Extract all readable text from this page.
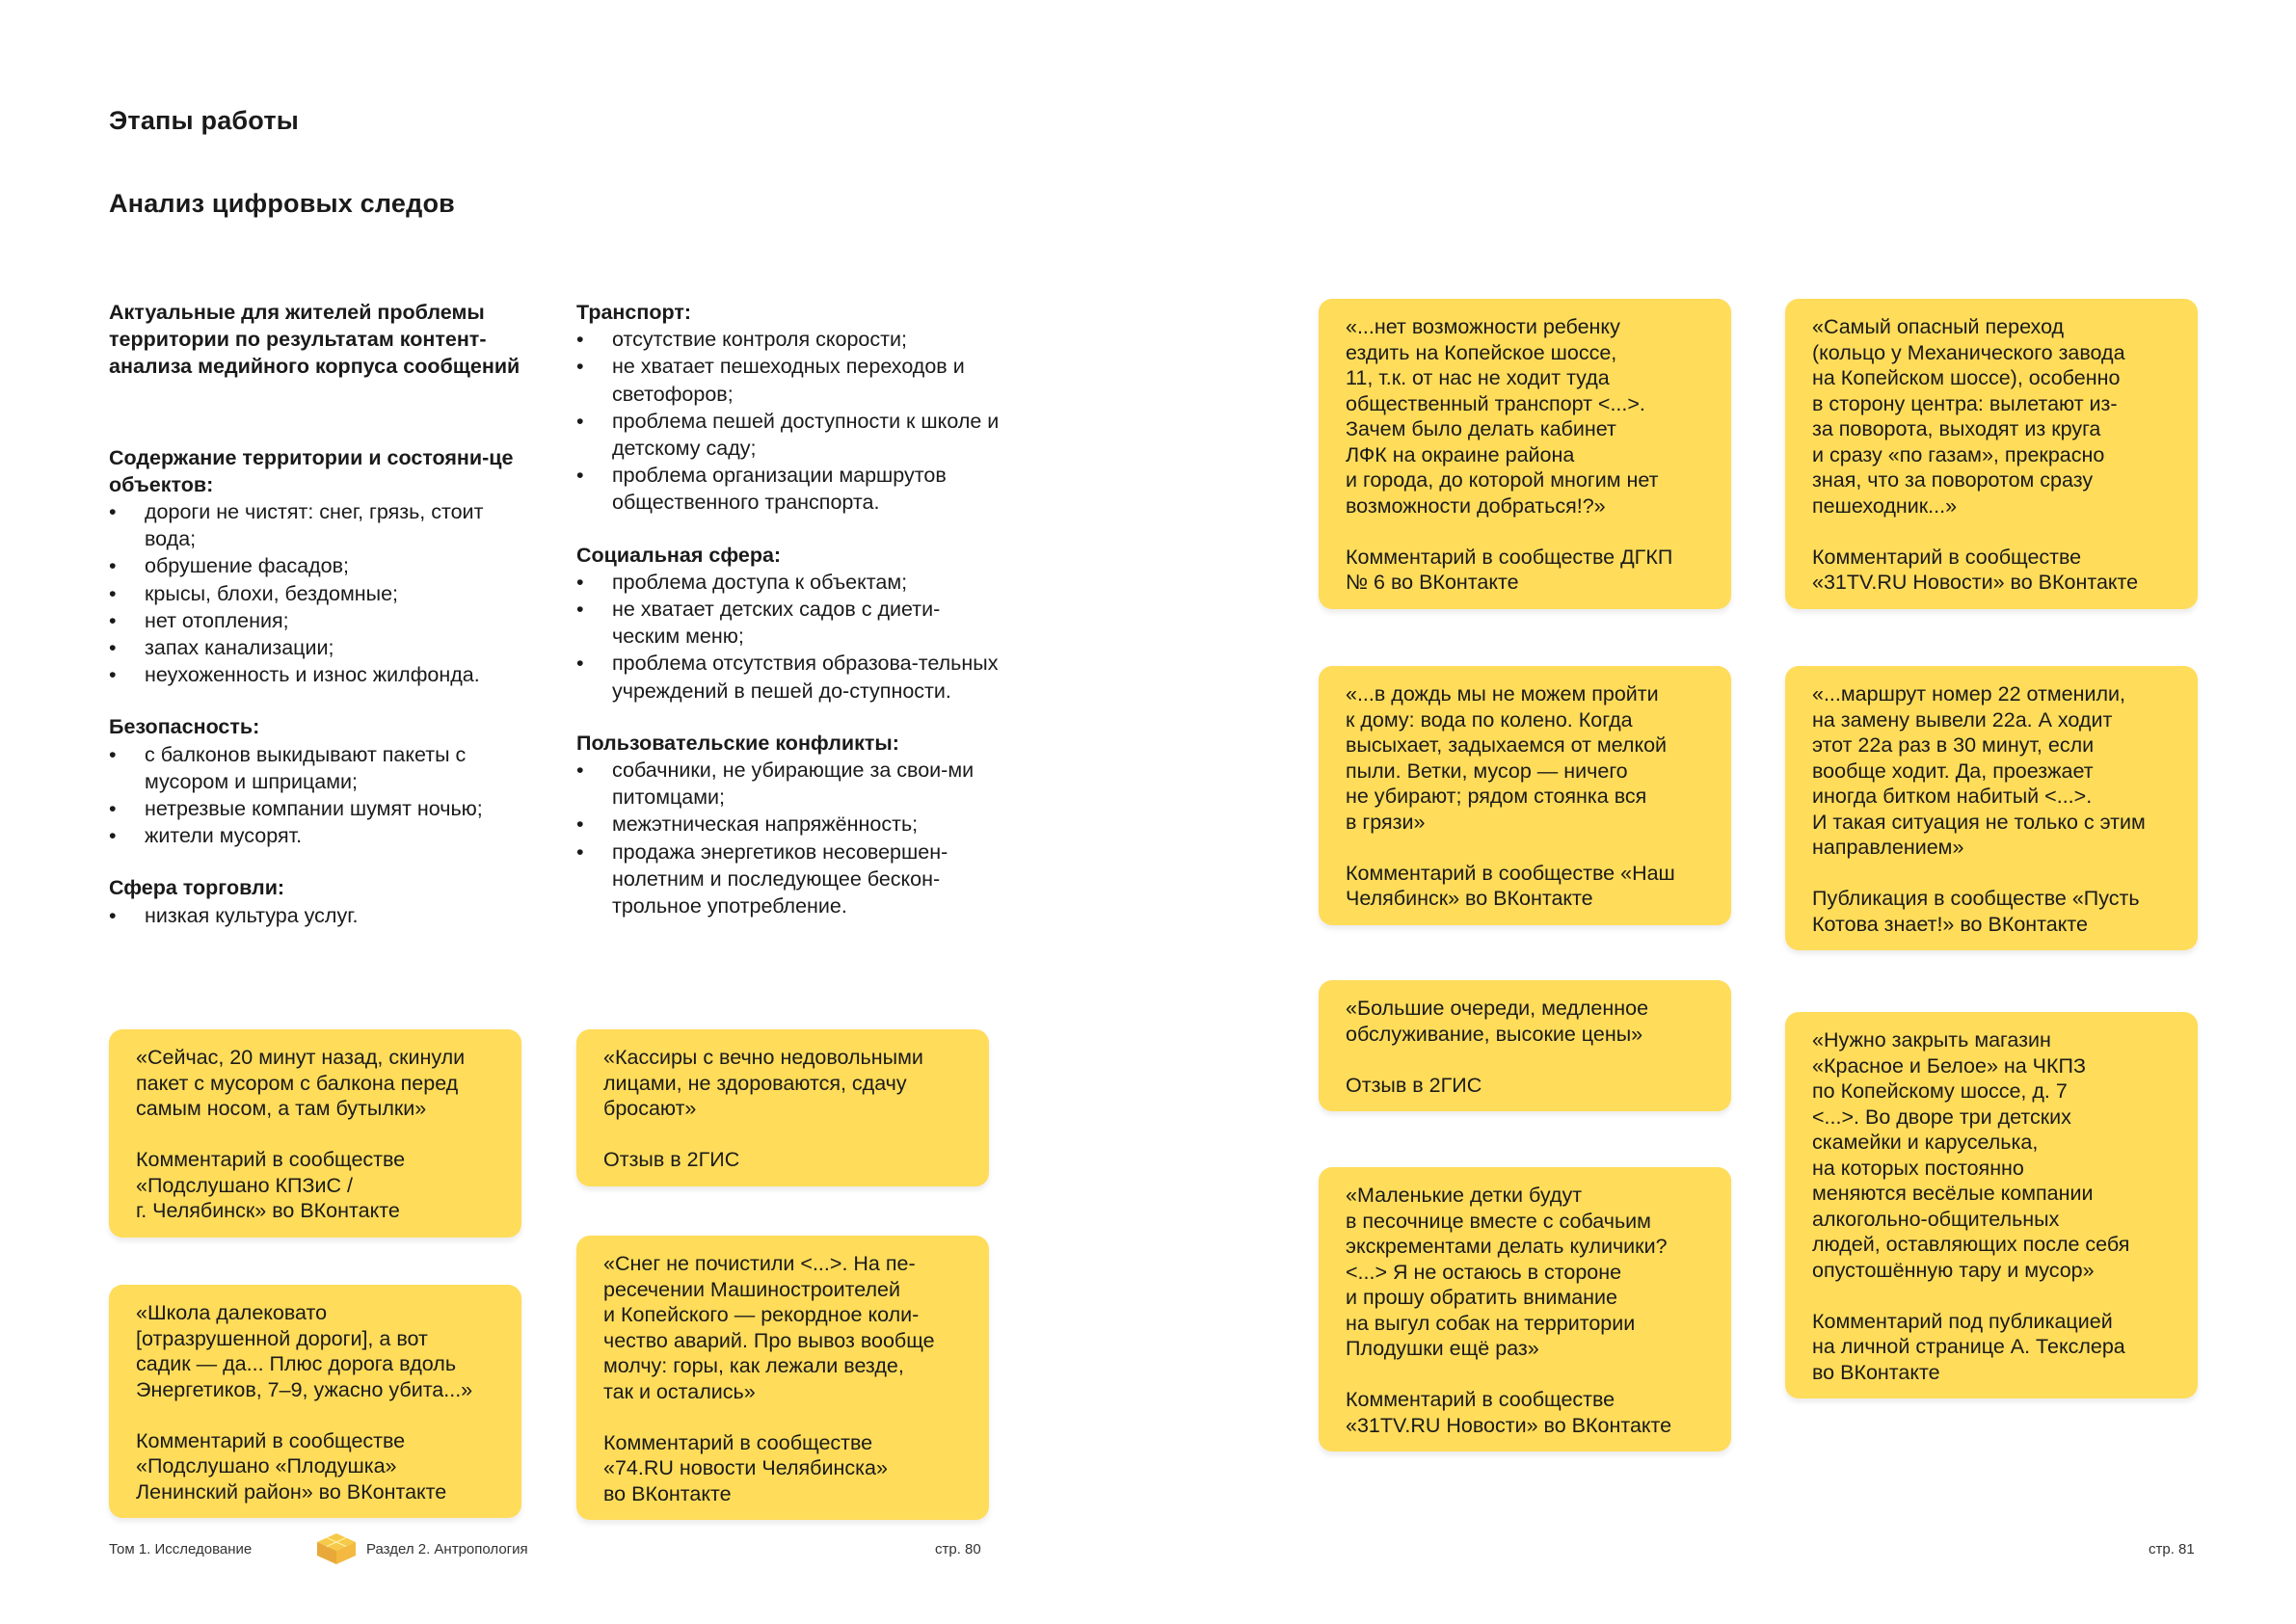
Этапы работы
Анализ цифровых следов
Актуальные для жителей проблемы территории по результатам контент-анализа медийного корпуса сообщений
Содержание территории и состояни-це объектов:
• дороги не чистят: снег, грязь, стоит вода;
• обрушение фасадов;
• крысы, блохи, бездомные;
• нет отопления;
• запах канализации;
• неухоженность и износ жилфонда.
Безопасность:
• с балконов выкидывают пакеты с мусором и шприцами;
• нетрезвые компании шумят ночью;
• жители мусорят.
Сфера торговли:
• низкая культура услуг.
Транспорт:
• отсутствие контроля скорости;
• не хватает пешеходных переходов и светофоров;
• проблема пешей доступности к школе и детскому саду;
• проблема организации маршрутов общественного транспорта.
Социальная сфера:
• проблема доступа к объектам;
• не хватает детских садов с диети-ческим меню;
• проблема отсутствия образова-тельных учреждений в пешей до-ступности.
Пользовательские конфликты:
• собачники, не убирающие за свои-ми питомцами;
• межэтническая напряжённость;
• продажа энергетиков несовершен-нолетним и последующее бескон-трольное употребление.
«Сейчас, 20 минут назад, скинули
пакет с мусором с балкона перед
самым носом, а там бутылки»
Комментарий в сообществе
«Подслушано КПЗиС /
г. Челябинск» во ВКонтакте
«Школа далековато
[отразрушенной дороги], а вот
садик — да... Плюс дорога вдоль
Энергетиков, 7–9, ужасно убита...»
Комментарий в сообществе
«Подслушано «Плодушка»
Ленинский район» во ВКонтакте
«Кассиры с вечно недовольными
лицами, не здороваются, сдачу
бросают»
Отзыв в 2ГИС
«Снег не почистили <...>. На пе-
ресечении Машиностроителей
и Копейского — рекордное коли-
чество аварий. Про вывоз вообще
молчу: горы, как лежали везде,
так и остались»
Комментарий в сообществе
«74.RU новости Челябинска»
во ВКонтакте
«...нет возможности ребенку
ездить на Копейское шоссе,
11, т.к. от нас не ходит туда
общественный транспорт <...>.
Зачем было делать кабинет
ЛФК на окраине района
и города, до которой многим нет
возможности добраться!?»
Комментарий в сообществе ДГКП
№ 6 во ВКонтакте
«...в дождь мы не можем пройти
к дому: вода по колено. Когда
высыхает, задыхаемся от мелкой
пыли. Ветки, мусор — ничего
не убирают; рядом стоянка вся
в грязи»
Комментарий в сообществе «Наш
Челябинск» во ВКонтакте
«Большие очереди, медленное
обслуживание, высокие цены»
Отзыв в 2ГИС
«Маленькие детки будут
в песочнице вместе с собачьим
экскрементами делать куличики?
<...> Я не остаюсь в стороне
и прошу обратить внимание
на выгул собак на территории
Плодушки ещё раз»
Комментарий в сообществе
«31TV.RU Новости» во ВКонтакте
«Самый опасный переход
(кольцо у Механического завода
на Копейском шоссе), особенно
в сторону центра: вылетают из-
за поворота, выходят из круга
и сразу «по газам», прекрасно
зная, что за поворотом сразу
пешеходник...»
Комментарий в сообществе
«31TV.RU Новости» во ВКонтакте
«...маршрут номер 22 отменили,
на замену вывели 22а. А ходит
этот 22а раз в 30 минут, если
вообще ходит. Да, проезжает
иногда битком набитый <...>.
И такая ситуация не только с этим
направлением»
Публикация в сообществе «Пусть
Котова знает!» во ВКонтакте
«Нужно закрыть магазин
«Красное и Белое» на ЧКПЗ
по Копейскому шоссе, д. 7
<...>. Во дворе три детских
скамейки и каруселька,
на которых постоянно
меняются весёлые компании
алкогольно-общительных
людей, оставляющих после себя
опустошённую тару и мусор»
Комментарий под публикацией
на личной странице А. Текслера
во ВКонтакте
Том 1. Исследование	Раздел 2. Антропология	стр. 80	стр. 81
